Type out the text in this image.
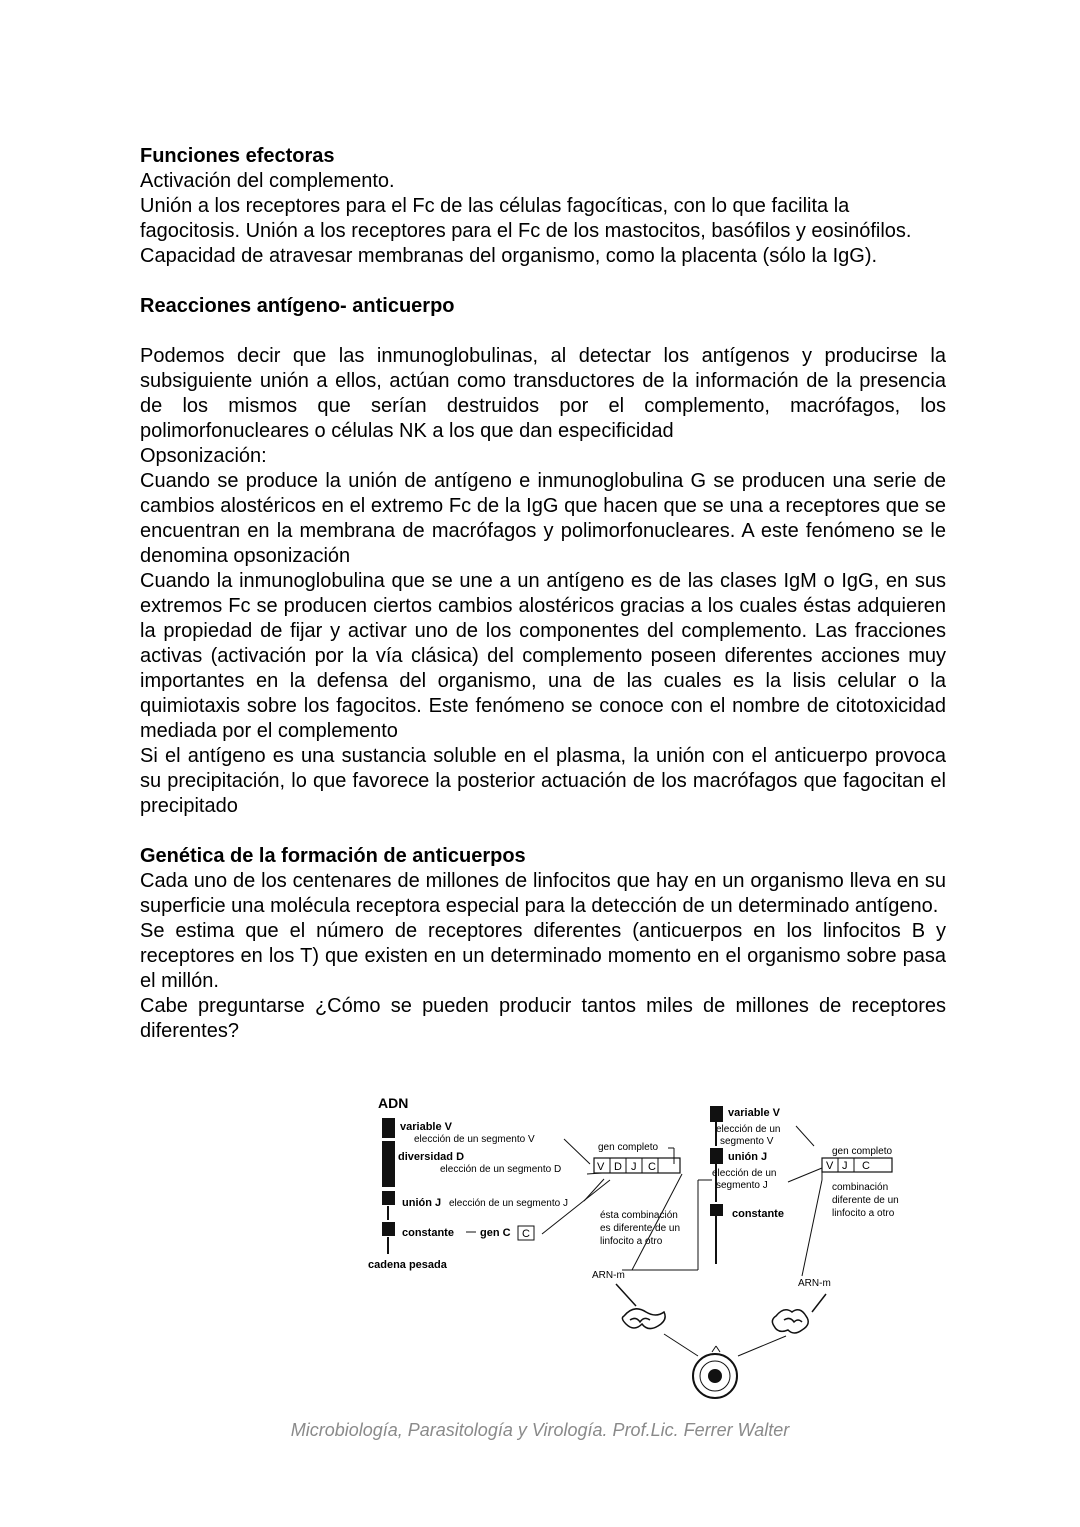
Funciones efectoras

Activación del complemento.

Unión a los receptores para el Fc de las células fagocíticas, con lo que facilita la fagocitosis. Unión a los receptores para el Fc de los mastocitos, basófilos y eosinófilos.

Capacidad de atravesar membranas del organismo, como la placenta (sólo la IgG).

Reacciones antígeno- anticuerpo

Podemos decir que las inmunoglobulinas, al detectar los antígenos y producirse la subsiguiente unión a ellos, actúan como transductores de la información de la presencia de los mismos que serían destruidos por el complemento, macrófagos, los polimorfonucleares o células NK a los que dan especificidad

Opsonización:

Cuando se produce la unión de antígeno e inmunoglobulina G se producen una serie de cambios alostéricos en el extremo Fc de la IgG que hacen que se una a receptores que se encuentran en la membrana de macrófagos y polimorfonucleares. A este fenómeno se le denomina opsonización

Cuando la inmunoglobulina que se une a un antígeno es de las clases IgM o IgG, en sus extremos Fc se producen ciertos cambios alostéricos gracias a los cuales éstas adquieren la propiedad de fijar y activar uno de los componentes del complemento. Las fracciones activas (activación por la vía clásica) del complemento poseen diferentes acciones muy importantes en la defensa del organismo, una de las cuales es la lisis celular o la quimiotaxis sobre los fagocitos. Este fenómeno se conoce con el nombre de citotoxicidad mediada por el complemento

Si el antígeno es una sustancia soluble en el plasma, la unión con el anticuerpo provoca su precipitación, lo que favorece la posterior actuación de los macrófagos que fagocitan el precipitado

Genética de la formación de anticuerpos

Cada uno de los centenares de millones de linfocitos que hay en un organismo lleva en su superficie una molécula receptora especial para la detección de un determinado antígeno.

Se estima que el número de receptores diferentes (anticuerpos en los linfocitos B y receptores en los T) que existen en un determinado momento en el organismo sobre pasa el millón.

Cabe preguntarse ¿Cómo se pueden producir tantos miles de millones de receptores diferentes?

ADN
variable V
elección de un segmento V
diversidad D
elección de un segmento D
unión J elección de un segmento J
constante gen C C
cadena pesada
gen completo
V D J C
ésta combinación
es diferente de un
linfocito a otro
ARN-m
variable V
elección de un
segmento V
unión J
elección de un
segmento J
constante
gen completo
V J C
combinación
diferente de un
linfocito a otro
ARN-m
Microbiología, Parasitología y Virología. Prof.Lic. Ferrer Walter
